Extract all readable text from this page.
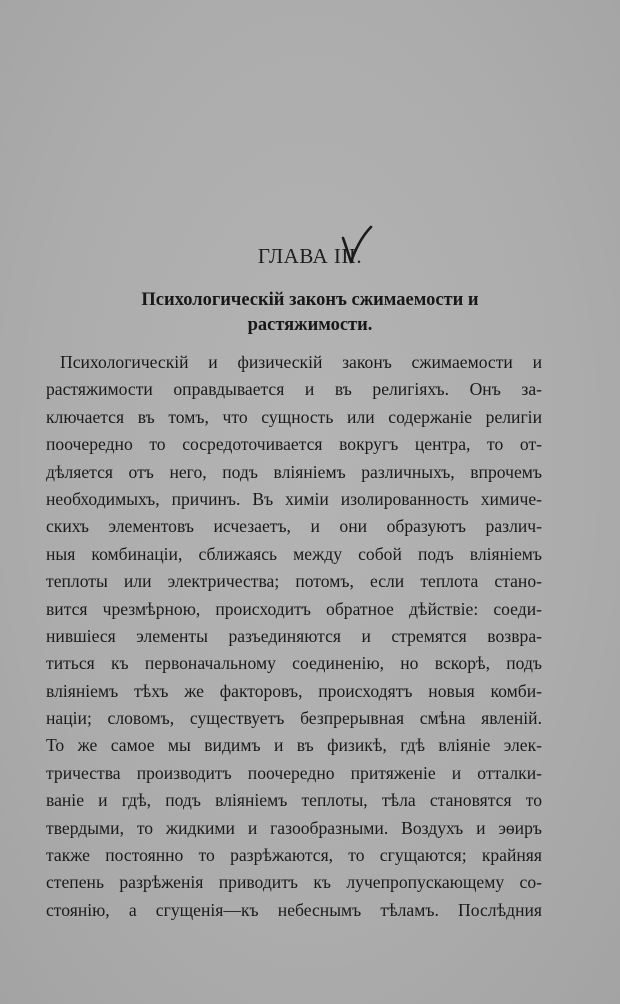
ГЛАВА III.
Психологическій законъ сжимаемости и
растяжимости.
Психологическій и физическій законъ сжимаемости и
растяжимости оправдывается и въ религіяхъ. Онъ за-
ключается въ томъ, что сущность или содержаніе религіи
поочередно то сосредоточивается вокругъ центра, то от-
дѣляется отъ него, подъ вліяніемъ различныхъ, впрочемъ
необходимыхъ, причинъ. Въ химіи изолированность химиче-
скихъ элементовъ исчезаетъ, и они образуютъ различ-
ныя комбинаціи, сближаясь между собой подъ вліяніемъ
теплоты или электричества; потомъ, если теплота стано-
вится чрезмѣрною, происходитъ обратное дѣйствіе: соеди-
нившіеся элементы разъединяются и стремятся возвра-
титься къ первоначальному соединенію, но вскорѣ, подъ
вліяніемъ тѣхъ же факторовъ, происходятъ новыя комби-
націи; словомъ, существуетъ безпрерывная смѣна явленій.
То же самое мы видимъ и въ физикѣ, гдѣ вліяніе элек-
тричества производитъ поочередно притяженіе и отталки-
ваніе и гдѣ, подъ вліяніемъ теплоты, тѣла становятся то
твердыми, то жидкими и газообразными. Воздухъ и эѳиръ
также постоянно то разрѣжаются, то сгущаются; крайняя
степень разрѣженія приводитъ къ лучепропускающему со-
стоянію, а сгущенія—къ небеснымъ тѣламъ. Послѣдния
